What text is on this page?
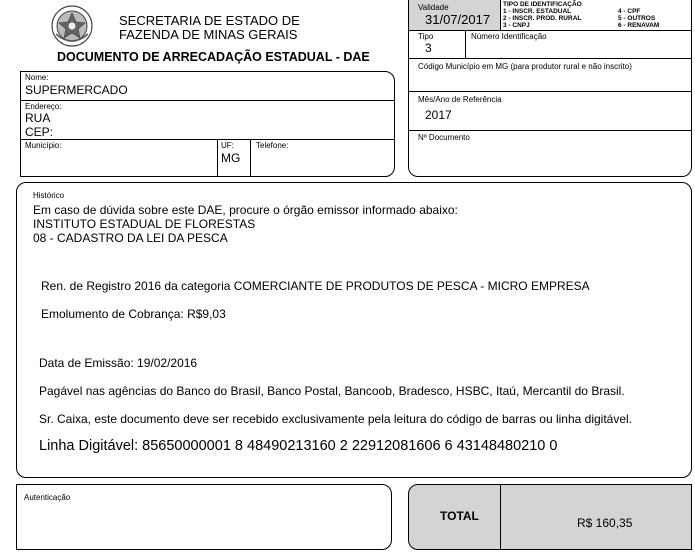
SECRETARIA DE ESTADO DE
FAZENDA DE MINAS GERAIS
DOCUMENTO DE ARRECADAÇÃO ESTADUAL - DAE
Nome:
SUPERMERCADO
Endereço:
RUA
CEP:
Município:	UF:
MG
Telefone:
Validade
31/07/2017
TIPO DE IDENTIFICAÇÃO
1 - INSCR. ESTADUAL
2 - INSCR. PROD. RURAL
3 - CNPJ
4 - CPF
5 - OUTROS
6 - RENAVAM
Tipo
3
Número Identificação
Código Município em MG (para produtor rural e não inscrito)
Mês/Ano de Referência
2017
Nº Documento
Histórico
Em caso de dúvida sobre este DAE, procure o órgão emissor informado abaixo:
INSTITUTO ESTADUAL DE FLORESTAS
08 - CADASTRO DA LEI DA PESCA
Ren. de Registro 2016 da categoria COMERCIANTE DE PRODUTOS DE PESCA - MICRO EMPRESA
Emolumento de Cobrança: R$9,03
Data de Emissão: 19/02/2016
Pagável nas agências do Banco do Brasil, Banco Postal, Bancoob, Bradesco, HSBC, Itaú, Mercantil do Brasil.
Sr. Caixa, este documento deve ser recebido exclusivamente pela leitura do código de barras ou linha digitável.
Linha Digitável: 85650000001 8 48490213160 2 22912081606 6 43148480210 0
Autenticação
TOTAL	R$ 160,35
